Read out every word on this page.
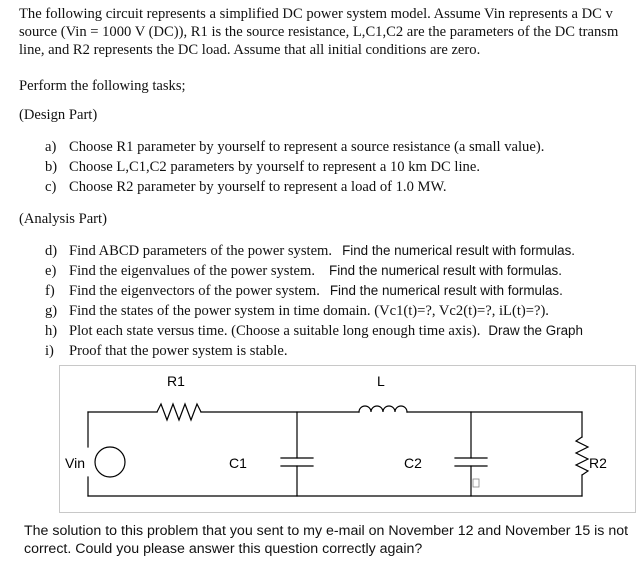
The following circuit represents a simplified DC power system model. Assume Vin represents a DC v
source (Vin = 1000 V (DC)), R1 is the source resistance, L,C1,C2 are the parameters of the DC transm
line, and R2 represents the DC load. Assume that all initial conditions are zero.
Perform the following tasks;
(Design Part)
a) Choose R1 parameter by yourself to represent a source resistance (a small value).
b) Choose L,C1,C2 parameters by yourself to represent a 10 km DC line.
c) Choose R2 parameter by yourself to represent a load of 1.0 MW.
(Analysis Part)
d) Find ABCD parameters of the power system. Find the numerical result with formulas.
e) Find the eigenvalues of the power system. Find the numerical result with formulas.
f) Find the eigenvectors of the power system. Find the numerical result with formulas.
g) Find the states of the power system in time domain. (Vc1(t)=?, Vc2(t)=?, iL(t)=?).
h) Plot each state versus time. (Choose a suitable long enough time axis). Draw the Graph
i) Proof that the power system is stable.
R1	L
Vin	C1	C2	R2
The solution to this problem that you sent to my e-mail on November 12 and November 15 is not correct. Could you please answer this question correctly again?
